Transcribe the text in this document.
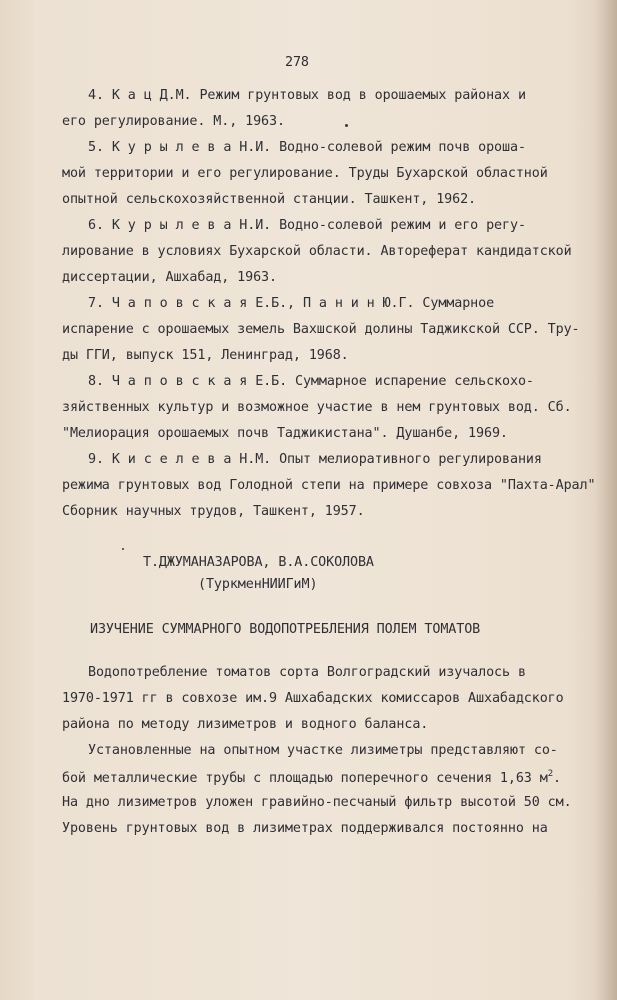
278
4. К а ц Д.М. Режим грунтовых вод в орошаемых районах и
его регулирование. М., 1963.
5. К у р ы л е в а Н.И. Водно-солевой режим почв ороша-
мой территории и его регулирование. Труды Бухарской областной
опытной сельскохозяйственной станции. Ташкент, 1962.
6. К у р ы л е в а Н.И. Водно-солевой режим и его регу-
лирование в условиях Бухарской области. Автореферат кандидатской
диссертации, Ашхабад, 1963.
7. Ч а п о в с к а я Е.Б., П а н и н Ю.Г. Суммарное
испарение с орошаемых земель Вахшской долины Таджикской ССР. Тру-
ды ГГИ, выпуск 151, Ленинград, 1968.
8. Ч а п о в с к а я Е.Б. Суммарное испарение сельскохо-
зяйственных культур и возможное участие в нем грунтовых вод. Сб.
"Мелиорация орошаемых почв Таджикистана". Душанбе, 1969.
9. К и с е л е в а Н.М. Опыт мелиоративного регулирования
режима грунтовых вод Голодной степи на примере совхоза "Пахта-Арал"
Сборник научных трудов, Ташкент, 1957.
Т.ДЖУМАНАЗАРОВА, В.А.СОКОЛОВА
(ТуркменНИИГиМ)
ИЗУЧЕНИЕ СУММАРНОГО ВОДОПОТРЕБЛЕНИЯ ПОЛЕМ ТОМАТОВ
Водопотребление томатов сорта Волгоградский изучалось в
1970-1971 гг в совхозе им.9 Ашхабадских комиссаров Ашхабадского
района по методу лизиметров и водного баланса.
Установленные на опытном участке лизиметры представляют со-
бой металлические трубы с площадью поперечного сечения 1,63 $м^2$.
На дно лизиметров уложен гравийно-песчаный фильтр высотой 50 см.
Уровень грунтовых вод в лизиметрах поддерживался постоянно на
